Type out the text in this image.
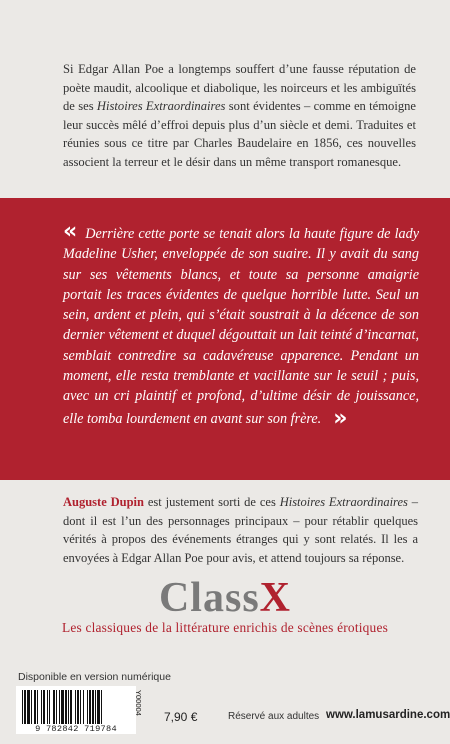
Si Edgar Allan Poe a longtemps souffert d’une fausse réputation de poète maudit, alcoolique et diabolique, les noirceurs et les ambiguïtés de ses Histoires Extraordinaires sont évidentes – comme en témoigne leur succès mêlé d’effroi depuis plus d’un siècle et demi. Traduites et réunies sous ce titre par Charles Baudelaire en 1856, ces nouvelles associent la terreur et le désir dans un même transport romanesque.

« Derrière cette porte se tenait alors la haute figure de lady Madeline Usher, enveloppée de son suaire. Il y avait du sang sur ses vêtements blancs, et toute sa personne amaigrie portait les traces évidentes de quelque horrible lutte. Seul un sein, ardent et plein, qui s’était soustrait à la décence de son dernier vêtement et duquel dégouttait un lait teinté d’incarnat, semblait contredire sa cadavéreuse apparence. Pendant un moment, elle resta tremblante et vacillante sur le seuil ; puis, avec un cri plaintif et profond, d’ultime désir de jouissance, elle tomba lourdement en avant sur son frère. »

Auguste Dupin est justement sorti de ces Histoires Extraordinaires – dont il est l’un des personnages principaux – pour rétablir quelques vérités à propos des événements étranges qui y sont relatés. Il les a envoyées à Edgar Allan Poe pour avis, et attend toujours sa réponse.

ClassX
Les classiques de la littérature enrichis de scènes érotiques
Disponible en version numérique
9 782842 719784
Y00004
7,90 €	Réservé aux adultes www.lamusardine.com
